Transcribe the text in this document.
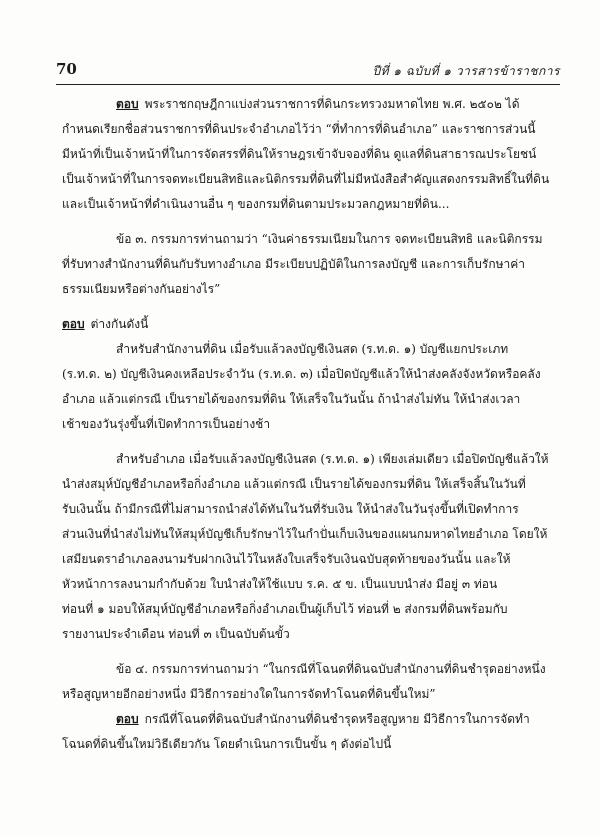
70	ปีที่ ๑ ฉบับที่ ๑ วารสารข้าราชการ
ตอบ พระราชกฤษฎีกาแบ่งส่วนราชการที่ดินกระทรวงมหาดไทย พ.ศ. ๒๕๐๒ ได้
กำหนดเรียกชื่อส่วนราชการที่ดินประจำอำเภอไว้ว่า “ที่ทำการที่ดินอำเภอ” และราชการส่วนนี้
มีหน้าที่เป็นเจ้าหน้าที่ในการจัดสรรที่ดินให้ราษฎรเข้าจับจองที่ดิน ดูแลที่ดินสาธารณประโยชน์
เป็นเจ้าหน้าที่ในการจดทะเบียนสิทธิและนิติกรรมที่ดินที่ไม่มีหนังสือสำคัญแสดงกรรมสิทธิ์ในที่ดิน
และเป็นเจ้าหน้าที่ดำเนินงานอื่น ๆ ของกรมที่ดินตามประมวลกฎหมายที่ดิน...
ข้อ ๓. กรรมการท่านถามว่า “เงินค่าธรรมเนียมในการ จดทะเบียนสิทธิ และนิติกรรม
ที่รับทางสำนักงานที่ดินกับรับทางอำเภอ มีระเบียบปฏิบัติในการลงบัญชี และการเก็บรักษาค่า
ธรรมเนียมหรือต่างกันอย่างไร”
ตอบ ต่างกันดังนี้
สำหรับสำนักงานที่ดิน เมื่อรับแล้วลงบัญชีเงินสด (ร.ท.ด. ๑) บัญชีแยกประเภท
(ร.ท.ด. ๒) บัญชีเงินคงเหลือประจำวัน (ร.ท.ด. ๓) เมื่อปิดบัญชีแล้วให้นำส่งคลังจังหวัดหรือคลัง
อำเภอ แล้วแต่กรณี เป็นรายได้ของกรมที่ดิน ให้เสร็จในวันนั้น ถ้านำส่งไม่ทัน ให้นำส่งเวลา
เช้าของวันรุ่งขึ้นที่เปิดทำการเป็นอย่างช้า
สำหรับอำเภอ เมื่อรับแล้วลงบัญชีเงินสด (ร.ท.ด. ๑) เพียงเล่มเดียว เมื่อปิดบัญชีแล้วให้
นำส่งสมุห์บัญชีอำเภอหรือกิ่งอำเภอ แล้วแต่กรณี เป็นรายได้ของกรมที่ดิน ให้เสร็จสิ้นในวันที่
รับเงินนั้น ถ้ามีกรณีที่ไม่สามารถนำส่งได้ทันในวันที่รับเงิน ให้นำส่งในวันรุ่งขึ้นที่เปิดทำการ
ส่วนเงินที่นำส่งไม่ทันให้สมุห์บัญชีเก็บรักษาไว้ในกำปั่นเก็บเงินของแผนกมหาดไทยอำเภอ โดยให้
เสมียนตราอำเภอลงนามรับฝากเงินไว้ในหลังใบเสร็จรับเงินฉบับสุดท้ายของวันนั้น และให้
หัวหน้าการลงนามกำกับด้วย ใบนำส่งให้ใช้แบบ ร.ค. ๕ ข. เป็นแบบนำส่ง มีอยู่ ๓ ท่อน
ท่อนที่ ๑ มอบให้สมุห์บัญชีอำเภอหรือกิ่งอำเภอเป็นผู้เก็บไว้ ท่อนที่ ๒ ส่งกรมที่ดินพร้อมกับ
รายงานประจำเดือน ท่อนที่ ๓ เป็นฉบับต้นขั้ว
ข้อ ๔. กรรมการท่านถามว่า “ในกรณีที่โฉนดที่ดินฉบับสำนักงานที่ดินชำรุดอย่างหนึ่ง
หรือสูญหายอีกอย่างหนึ่ง มีวิธีการอย่างใดในการจัดทำโฉนดที่ดินขึ้นใหม่”
ตอบ กรณีที่โฉนดที่ดินฉบับสำนักงานที่ดินชำรุดหรือสูญหาย มีวิธีการในการจัดทำ
โฉนดที่ดินขึ้นใหม่วิธีเดียวกัน โดยดำเนินการเป็นขั้น ๆ ดังต่อไปนี้
